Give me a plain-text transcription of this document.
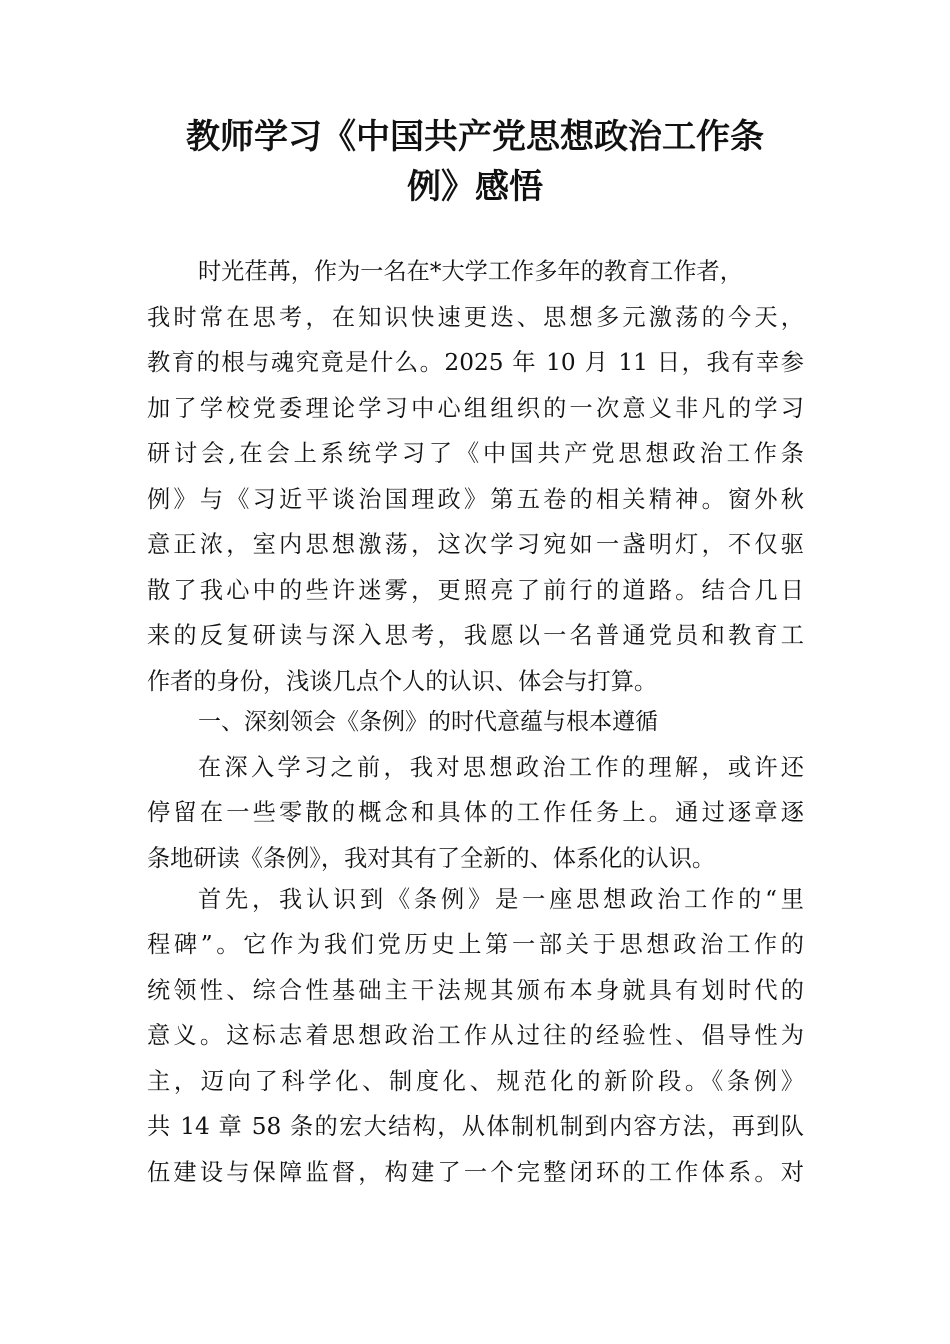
教师学习《中国共产党思想政治工作条
例》感悟

时光荏苒，作为一名在*大学工作多年的教育工作者，

我时常在思考，在知识快速更迭、思想多元激荡的今天，

教育的根与魂究竟是什么。2025 年 10 月 11 日，我有幸参

加了学校党委理论学习中心组组织的一次意义非凡的学习

研讨会,在会上系统学习了《中国共产党思想政治工作条

例》与《习近平谈治国理政》第五卷的相关精神。窗外秋

意正浓，室内思想激荡，这次学习宛如一盏明灯，不仅驱

散了我心中的些许迷雾，更照亮了前行的道路。结合几日

来的反复研读与深入思考，我愿以一名普通党员和教育工

作者的身份，浅谈几点个人的认识、体会与打算。

一、深刻领会《条例》的时代意蕴与根本遵循

在深入学习之前，我对思想政治工作的理解，或许还

停留在一些零散的概念和具体的工作任务上。通过逐章逐

条地研读《条例》，我对其有了全新的、体系化的认识。

首先，我认识到《条例》是一座思想政治工作的“里

程碑”。它作为我们党历史上第一部关于思想政治工作的

统领性、综合性基础主干法规其颁布本身就具有划时代的

意义。这标志着思想政治工作从过往的经验性、倡导性为

主，迈向了科学化、制度化、规范化的新阶段。《条例》

共 14 章 58 条的宏大结构，从体制机制到内容方法，再到队

伍建设与保障监督，构建了一个完整闭环的工作体系。对
